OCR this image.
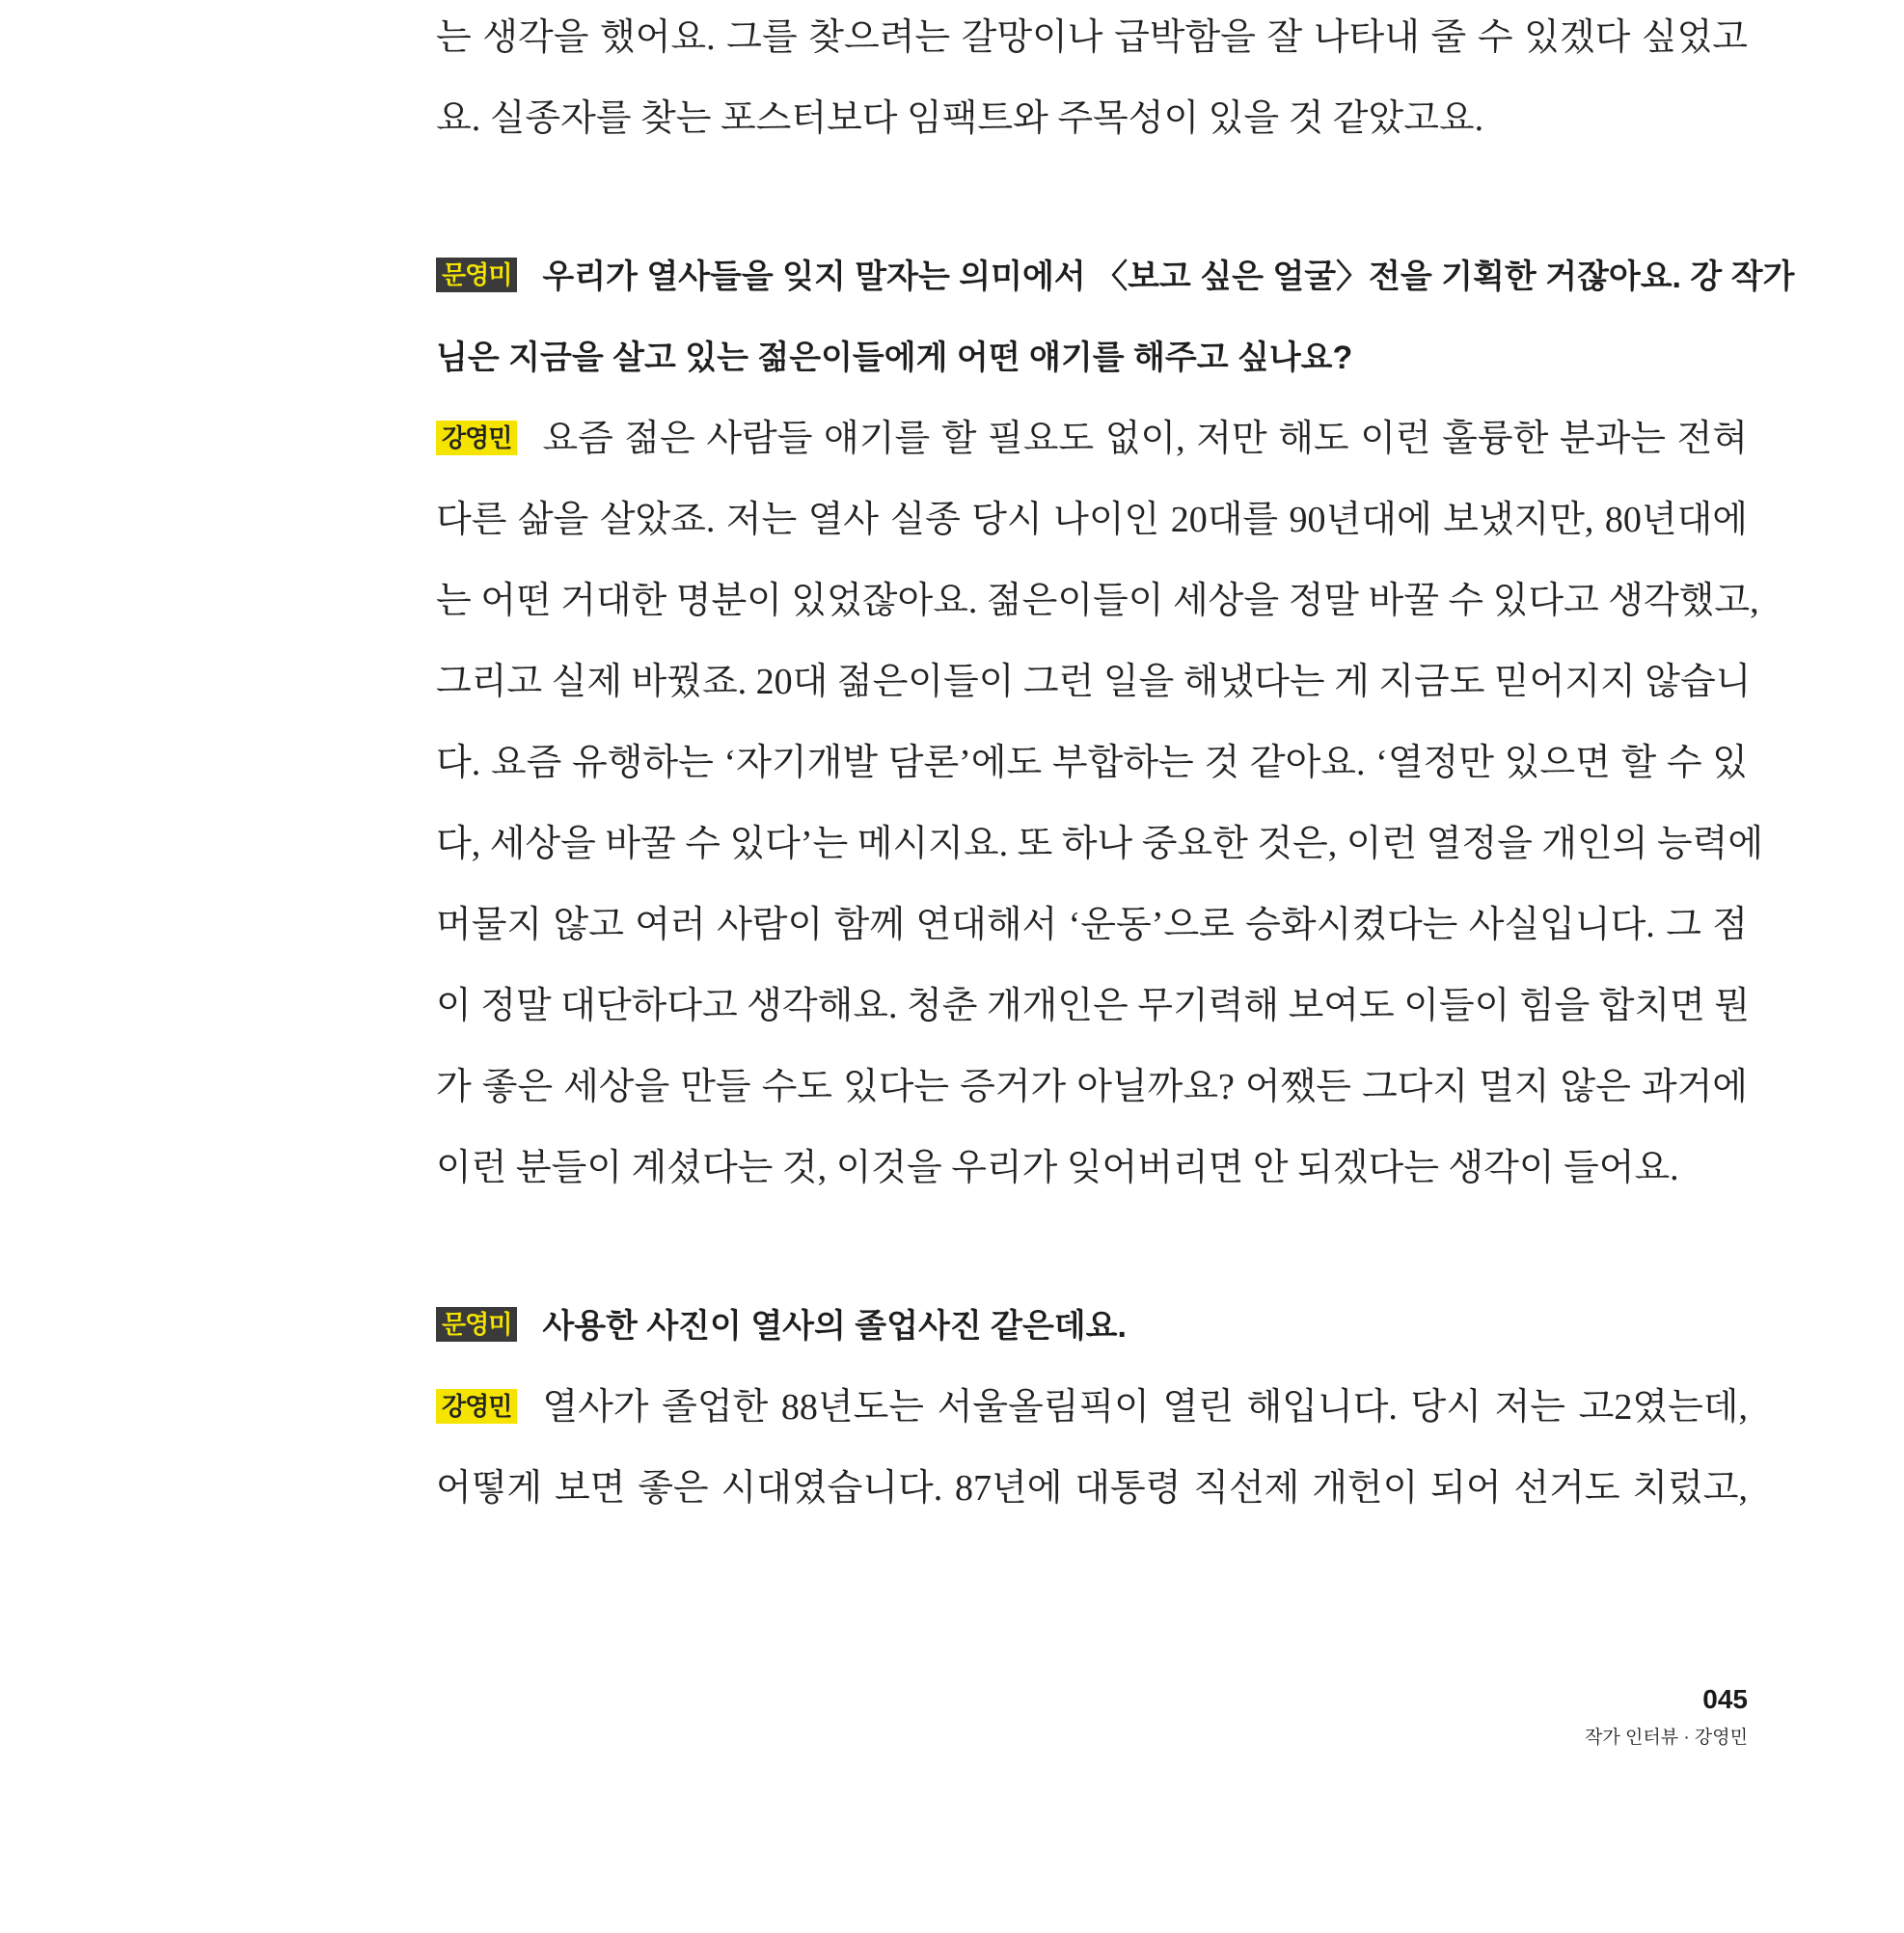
는 생각을 했어요. 그를 찾으려는 갈망이나 급박함을 잘 나타내 줄 수 있겠다 싶었고
요. 실종자를 찾는 포스터보다 임팩트와 주목성이 있을 것 같았고요.
문영미 우리가 열사들을 잊지 말자는 의미에서 〈보고 싶은 얼굴〉전을 기획한 거잖아요. 강 작가
님은 지금을 살고 있는 젊은이들에게 어떤 얘기를 해주고 싶나요?
강영민 요즘 젊은 사람들 얘기를 할 필요도 없이, 저만 해도 이런 훌륭한 분과는 전혀
다른 삶을 살았죠. 저는 열사 실종 당시 나이인 20대를 90년대에 보냈지만, 80년대에
는 어떤 거대한 명분이 있었잖아요. 젊은이들이 세상을 정말 바꿀 수 있다고 생각했고,
그리고 실제 바꿨죠. 20대 젊은이들이 그런 일을 해냈다는 게 지금도 믿어지지 않습니
다. 요즘 유행하는 ‘자기개발 담론’에도 부합하는 것 같아요. ‘열정만 있으면 할 수 있
다, 세상을 바꿀 수 있다’는 메시지요. 또 하나 중요한 것은, 이런 열정을 개인의 능력에
머물지 않고 여러 사람이 함께 연대해서 ‘운동’으로 승화시켰다는 사실입니다. 그 점
이 정말 대단하다고 생각해요. 청춘 개개인은 무기력해 보여도 이들이 힘을 합치면 뭔
가 좋은 세상을 만들 수도 있다는 증거가 아닐까요? 어쨌든 그다지 멀지 않은 과거에
이런 분들이 계셨다는 것, 이것을 우리가 잊어버리면 안 되겠다는 생각이 들어요.
문영미 사용한 사진이 열사의 졸업사진 같은데요.
강영민 열사가 졸업한 88년도는 서울올림픽이 열린 해입니다. 당시 저는 고2였는데,
어떻게 보면 좋은 시대였습니다. 87년에 대통령 직선제 개헌이 되어 선거도 치렀고,
045
작가 인터뷰 · 강영민
